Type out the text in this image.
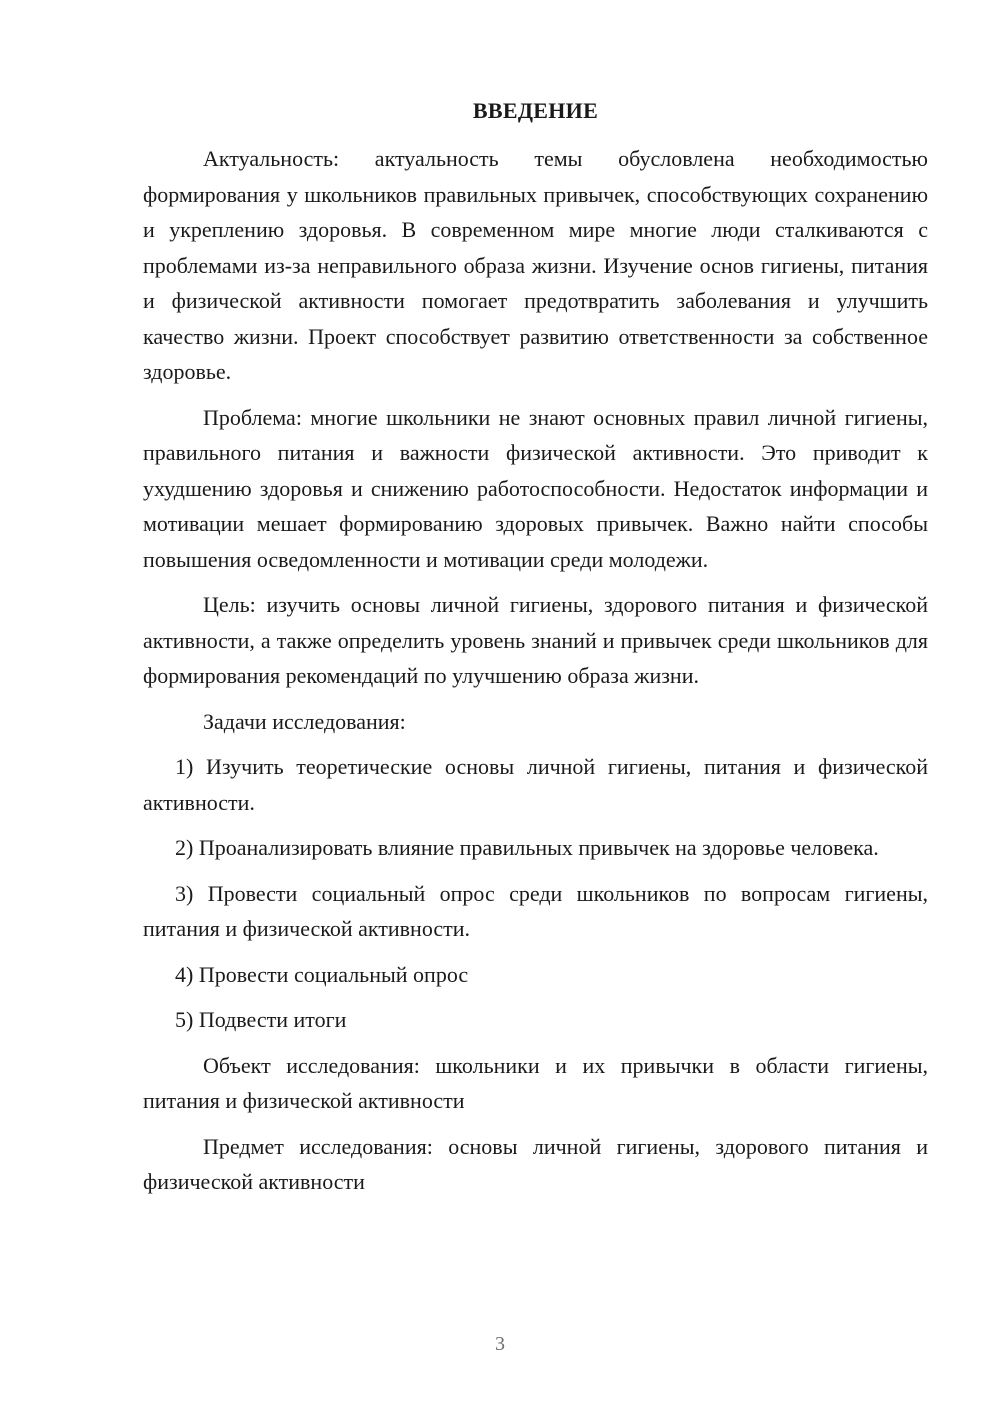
ВВЕДЕНИЕ

Актуальность: актуальность темы обусловлена необходимостью формирования у школьников правильных привычек, способствующих сохранению и укреплению здоровья. В современном мире многие люди сталкиваются с проблемами из-за неправильного образа жизни. Изучение основ гигиены, питания и физической активности помогает предотвратить заболевания и улучшить качество жизни. Проект способствует развитию ответственности за собственное здоровье.

Проблема: многие школьники не знают основных правил личной гигиены, правильного питания и важности физической активности. Это приводит к ухудшению здоровья и снижению работоспособности. Недостаток информации и мотивации мешает формированию здоровых привычек. Важно найти способы повышения осведомленности и мотивации среди молодежи.

Цель: изучить основы личной гигиены, здорового питания и физической активности, а также определить уровень знаний и привычек среди школьников для формирования рекомендаций по улучшению образа жизни.

Задачи исследования:

1) Изучить теоретические основы личной гигиены, питания и физической активности.

2) Проанализировать влияние правильных привычек на здоровье человека.

3) Провести социальный опрос среди школьников по вопросам гигиены, питания и физической активности.

4) Провести социальный опрос

5) Подвести итоги

Объект исследования: школьники и их привычки в области гигиены, питания и физической активности

Предмет исследования: основы личной гигиены, здорового питания и физической активности

3
